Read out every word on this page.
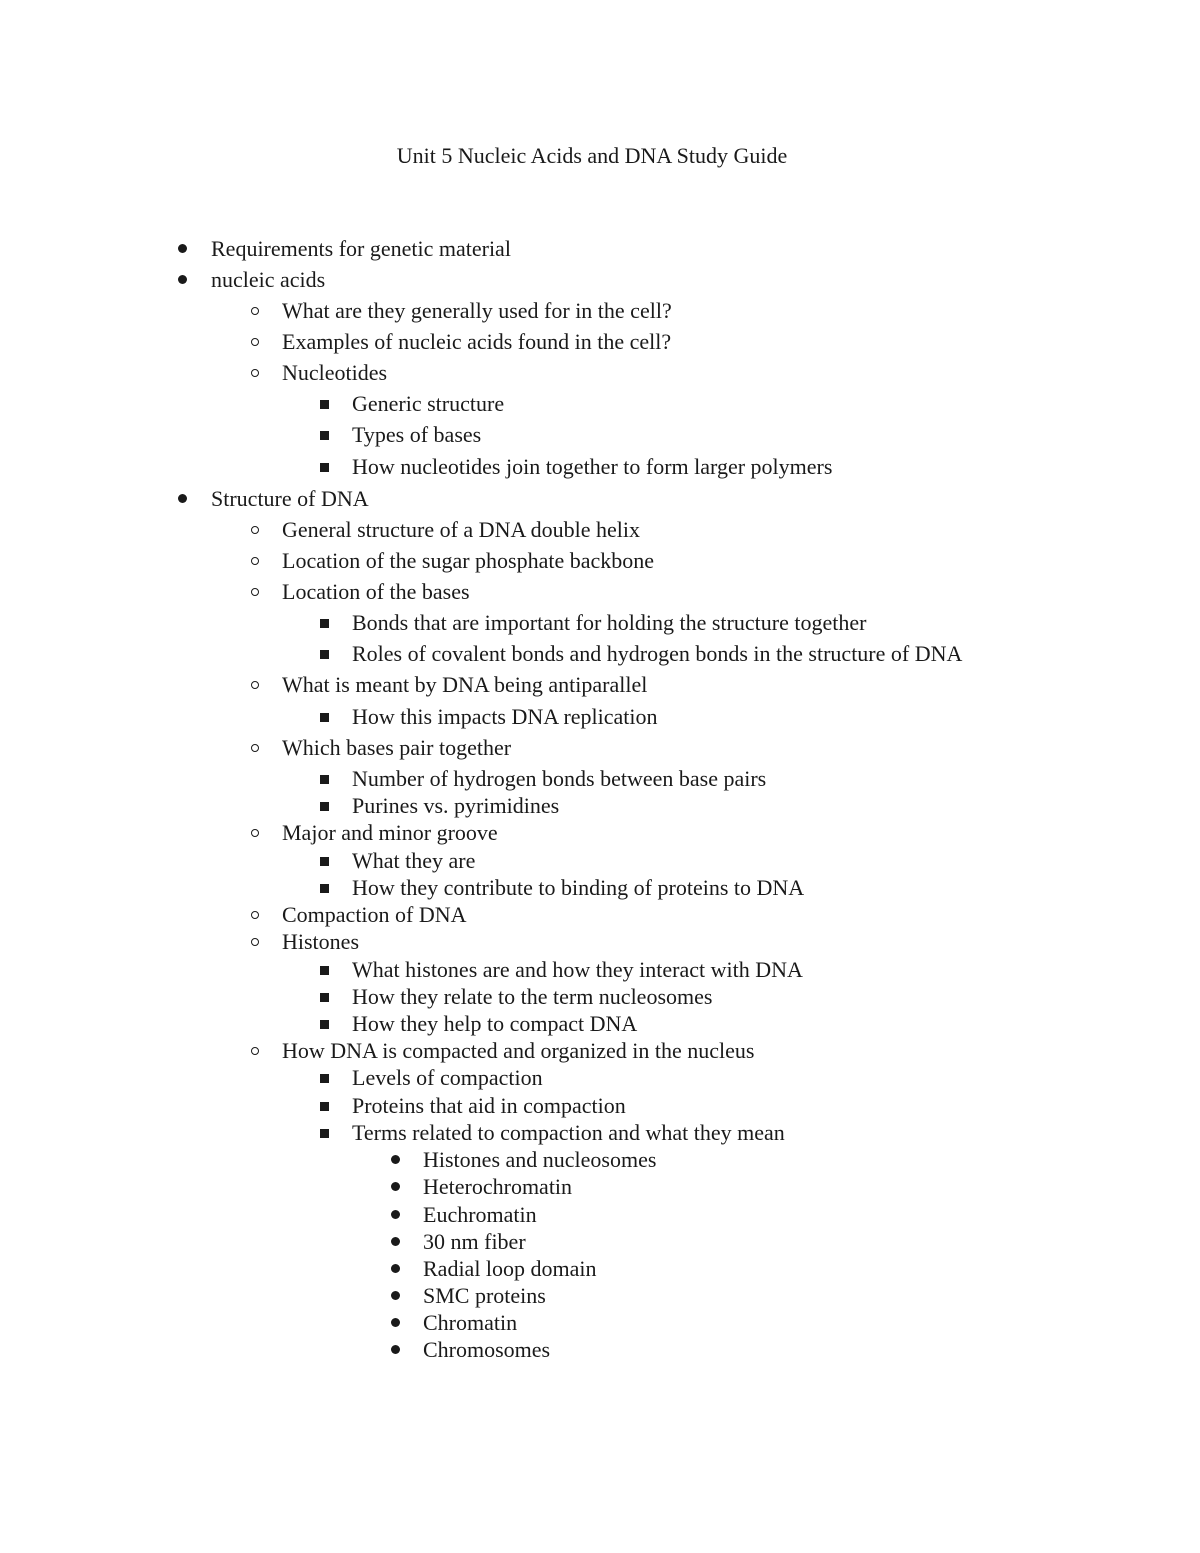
Unit 5 Nucleic Acids and DNA Study Guide
Requirements for genetic material
nucleic acids
What are they generally used for in the cell?
Examples of nucleic acids found in the cell?
Nucleotides
Generic structure
Types of bases
How nucleotides join together to form larger polymers
Structure of DNA
General structure of a DNA double helix
Location of the sugar phosphate backbone
Location of the bases
Bonds that are important for holding the structure together
Roles of covalent bonds and hydrogen bonds in the structure of DNA
What is meant by DNA being antiparallel
How this impacts DNA replication
Which bases pair together
Number of hydrogen bonds between base pairs
Purines vs. pyrimidines
Major and minor groove
What they are
How they contribute to binding of proteins to DNA
Compaction of DNA
Histones
What histones are and how they interact with DNA
How they relate to the term nucleosomes
How they help to compact DNA
How DNA is compacted and organized in the nucleus
Levels of compaction
Proteins that aid in compaction
Terms related to compaction and what they mean
Histones and nucleosomes
Heterochromatin
Euchromatin
30 nm fiber
Radial loop domain
SMC proteins
Chromatin
Chromosomes
